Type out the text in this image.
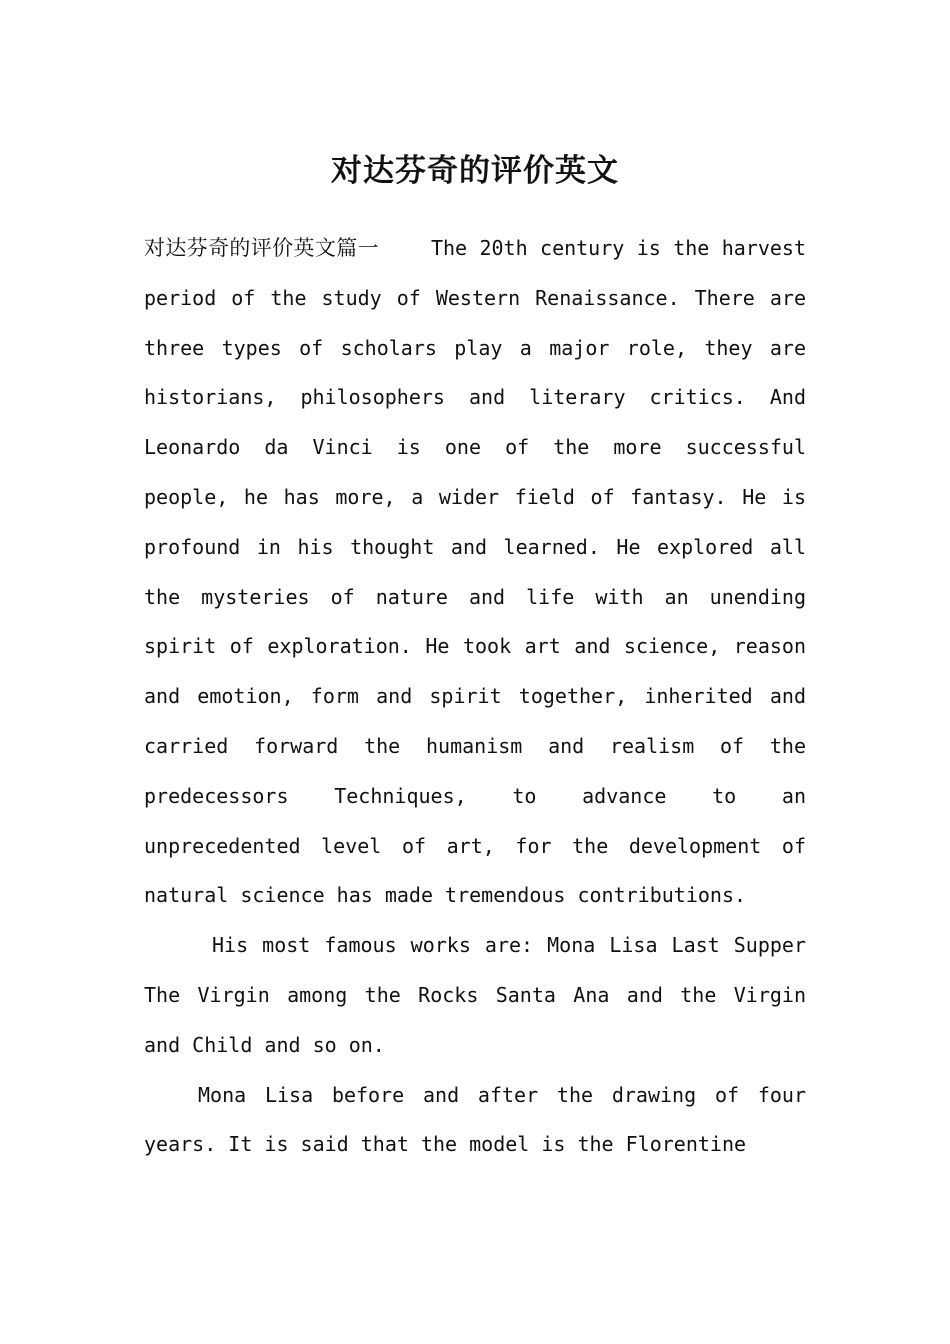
对达芬奇的评价英文

对达芬奇的评价英文篇一	The 20th century is the harvest period of the study of Western Renaissance. There are three types of scholars play a major role, they are historians, philosophers and literary critics. And Leonardo da Vinci is one of the more successful people, he has more, a wider field of fantasy. He is profound in his thought and learned. He explored all the mysteries of nature and life with an unending spirit of exploration. He took art and science, reason and emotion, form and spirit together, inherited and carried forward the humanism and realism of the predecessors Techniques, to advance to an unprecedented level of art, for the development of natural science has made tremendous contributions.

His most famous works are: Mona Lisa Last Supper The Virgin among the Rocks Santa Ana and the Virgin and Child and so on.

Mona Lisa before and after the drawing of four years. It is said that the model is the Florentine
